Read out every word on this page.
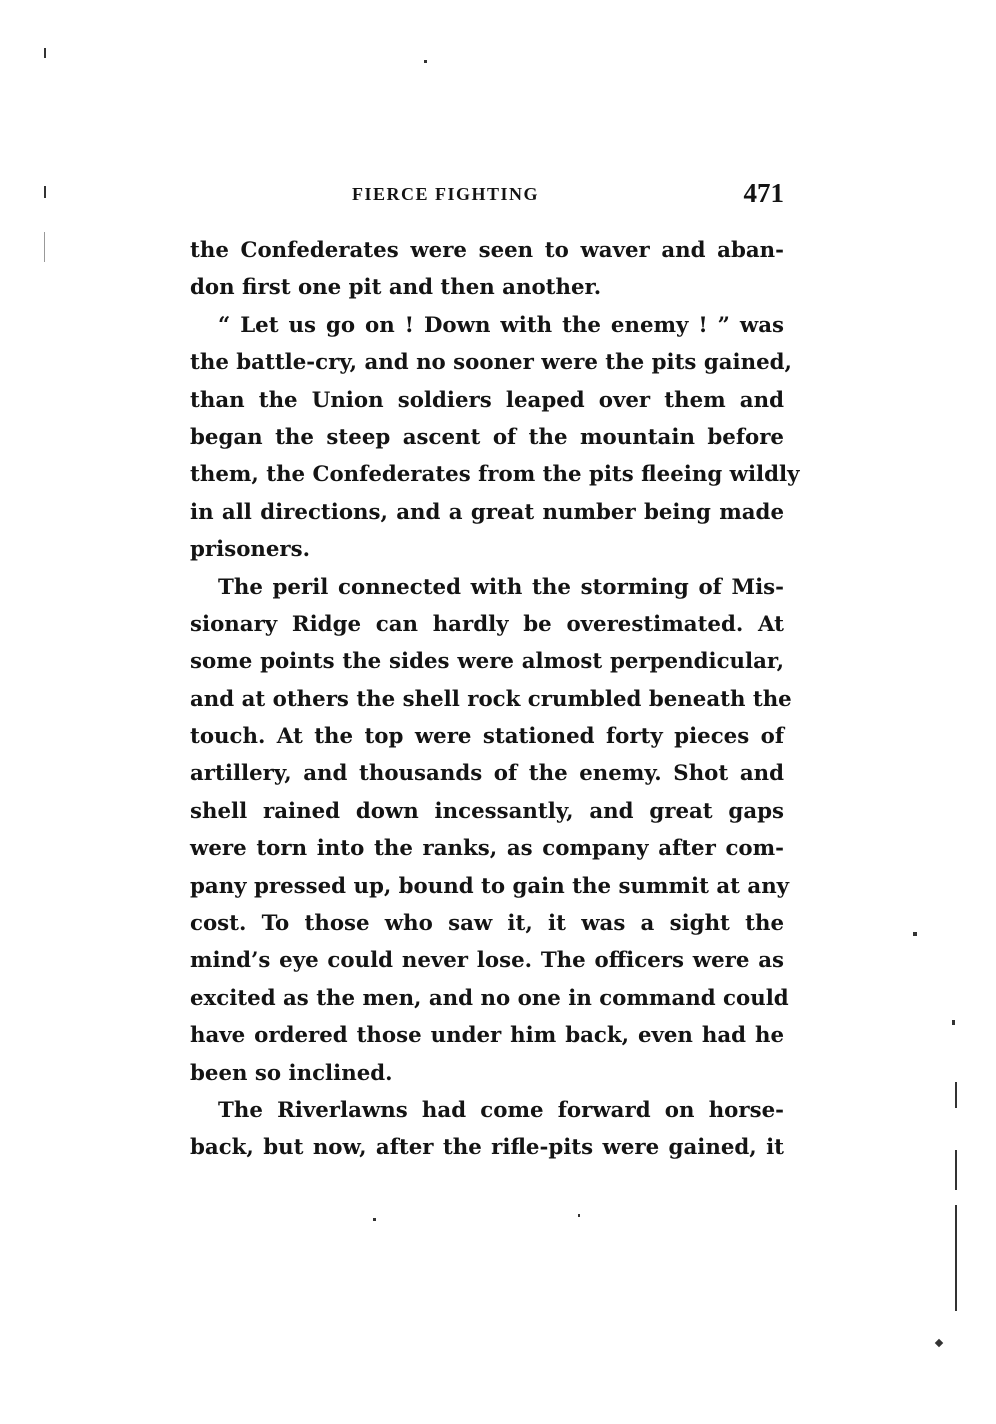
FIERCE FIGHTING	471
the Confederates were seen to waver and aban-
don first one pit and then another.
“ Let us go on ! Down with the enemy ! ” was
the battle-cry, and no sooner were the pits gained,
than the Union soldiers leaped over them and
began the steep ascent of the mountain before
them, the Confederates from the pits fleeing wildly
in all directions, and a great number being made
prisoners.
The peril connected with the storming of Mis-
sionary Ridge can hardly be overestimated. At
some points the sides were almost perpendicular,
and at others the shell rock crumbled beneath the
touch. At the top were stationed forty pieces of
artillery, and thousands of the enemy. Shot and
shell rained down incessantly, and great gaps
were torn into the ranks, as company after com-
pany pressed up, bound to gain the summit at any
cost. To those who saw it, it was a sight the
mind’s eye could never lose. The officers were as
excited as the men, and no one in command could
have ordered those under him back, even had he
been so inclined.
The Riverlawns had come forward on horse-
back, but now, after the rifle-pits were gained, it
